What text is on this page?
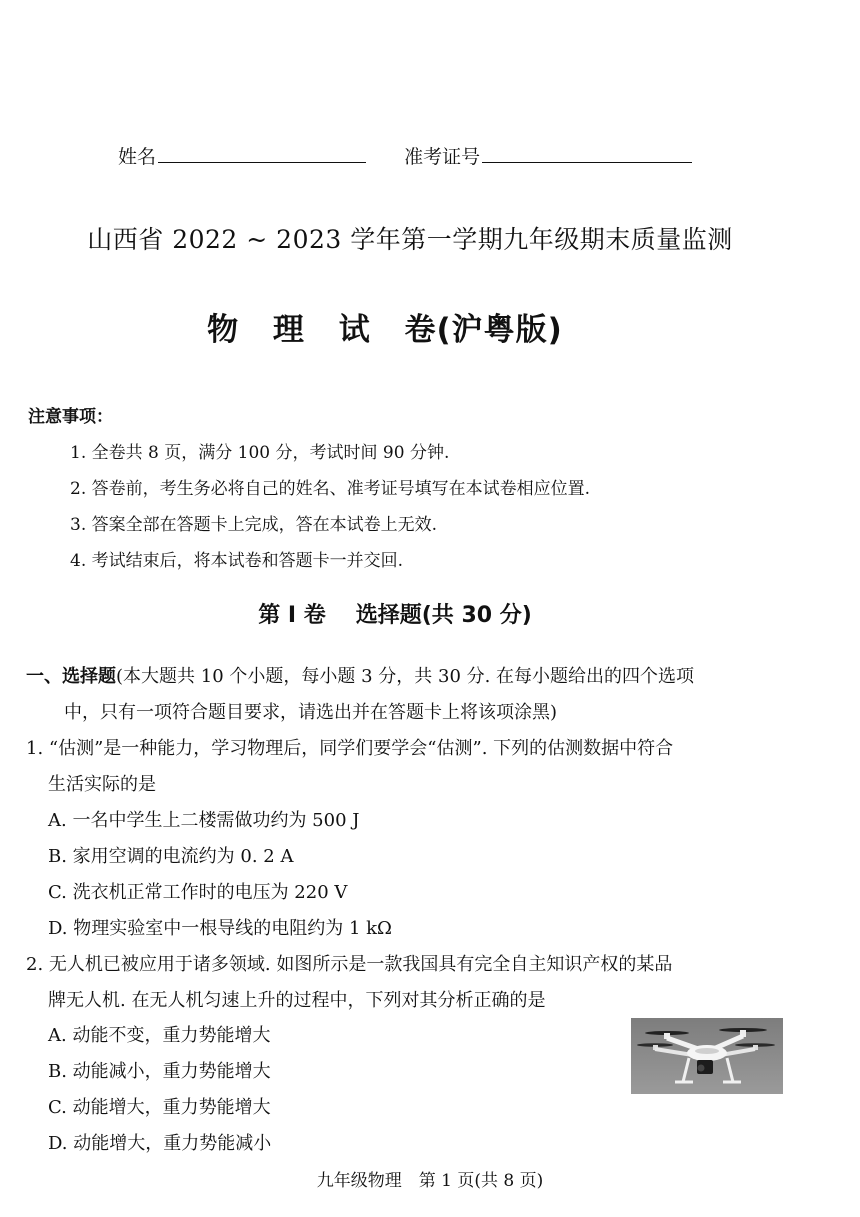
姓名	准考证号
山西省 2022 ~ 2023 学年第一学期九年级期末质量监测
物 理 试 卷(沪粤版)
注意事项：
1. 全卷共 8 页，满分 100 分，考试时间 90 分钟.
2. 答卷前，考生务必将自己的姓名、准考证号填写在本试卷相应位置.
3. 答案全部在答题卡上完成，答在本试卷上无效.
4. 考试结束后，将本试卷和答题卡一并交回.
第 Ⅰ 卷 选择题(共 30 分)
一、选择题(本大题共 10 个小题，每小题 3 分，共 30 分. 在每小题给出的四个选项
中，只有一项符合题目要求，请选出并在答题卡上将该项涂黑)
1. “估测”是一种能力，学习物理后，同学们要学会“估测”. 下列的估测数据中符合
生活实际的是
A. 一名中学生上二楼需做功约为 500 J
B. 家用空调的电流约为 0. 2 A
C. 洗衣机正常工作时的电压为 220 V
D. 物理实验室中一根导线的电阻约为 1 kΩ
2. 无人机已被应用于诸多领域. 如图所示是一款我国具有完全自主知识产权的某品
牌无人机. 在无人机匀速上升的过程中，下列对其分析正确的是
A. 动能不变，重力势能增大
B. 动能减小，重力势能增大
C. 动能增大，重力势能增大
D. 动能增大，重力势能减小
九年级物理　第 1 页(共 8 页)
